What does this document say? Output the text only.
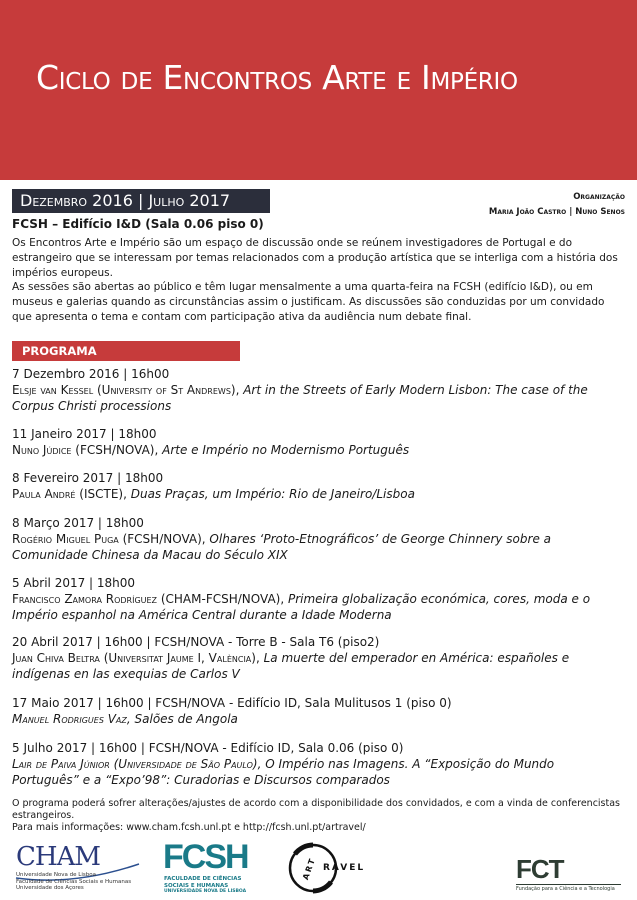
Ciclo de Encontros Arte e Império
Dezembro 2016 | Julho 2017	Organização
Maria João Castro | Nuno Senos
FCSH – Edifício I&D (Sala 0.06 piso 0)
Os Encontros Arte e Império são um espaço de discussão onde se reúnem investigadores de Portugal e do estrangeiro que se interessam por temas relacionados com a produção artística que se interliga com a história dos impérios europeus.
As sessões são abertas ao público e têm lugar mensalmente a uma quarta-feira na FCSH (edifício I&D), ou em museus e galerias quando as circunstâncias assim o justificam. As discussões são conduzidas por um convidado que apresenta o tema e contam com participação ativa da audiência num debate final.
PROGRAMA
7 Dezembro 2016 | 16h00
Elsje van Kessel (University of St Andrews), Art in the Streets of Early Modern Lisbon: The case of the Corpus Christi processions
11 Janeiro 2017 | 18h00
Nuno Júdice (FCSH/NOVA), Arte e Império no Modernismo Português
8 Fevereiro 2017 | 18h00
Paula André (ISCTE), Duas Praças, um Império: Rio de Janeiro/Lisboa
8 Março 2017 | 18h00
Rogério Miguel Puga (FCSH/NOVA), Olhares ‘Proto-Etnográficos’ de George Chinnery sobre a Comunidade Chinesa da Macau do Século XIX
5 Abril 2017 | 18h00
Francisco Zamora Rodríguez (CHAM-FCSH/NOVA), Primeira globalização económica, cores, moda e o Império espanhol na América Central durante a Idade Moderna
20 Abril 2017 | 16h00 | FCSH/NOVA - Torre B - Sala T6 (piso2)
Juan Chiva Beltra (Universitat Jaume I, València), La muerte del emperador en América: españoles e indígenas en las exequias de Carlos V
17 Maio 2017 | 16h00 | FCSH/NOVA - Edifício ID, Sala Mulitusos 1 (piso 0)
Manuel Rodrigues Vaz, Salões de Angola
5 Julho 2017 | 16h00 | FCSH/NOVA - Edifício ID, Sala 0.06 (piso 0)
Lair de Paiva Júnior (Universidade de São Paulo), O Império nas Imagens. A “Exposição do Mundo Português” e a “Expo’98”: Curadorias e Discursos comparados
O programa poderá sofrer alterações/ajustes de acordo com a disponibilidade dos convidados, e com a vinda de conferencistas estrangeiros.
Para mais informações: www.cham.fcsh.unl.pt e http://fcsh.unl.pt/artravel/
CHAM
Universidade Nova de Lisboa
Faculdade de Ciências Sociais e Humanas
Universidade dos Açores
FCSH
FACULDADE DE CIÊNCIAS
SOCIAIS E HUMANAS
UNIVERSIDADE NOVA DE LISBOA
ART RAVEL	FCT
Fundação para a Ciência e a Tecnologia
